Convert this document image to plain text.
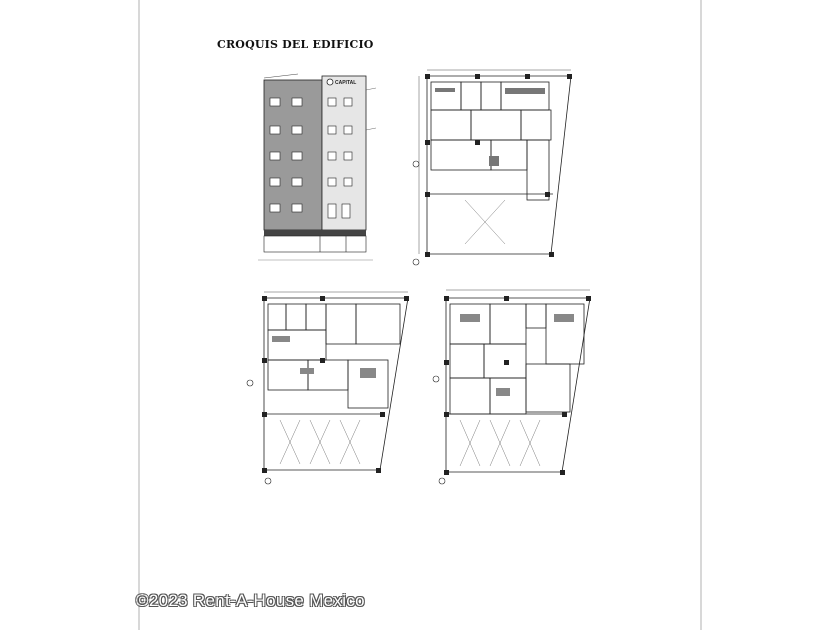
CROQUIS DEL EDIFICIO
CAPITAL
©2023 Rent-A-House Mexico
